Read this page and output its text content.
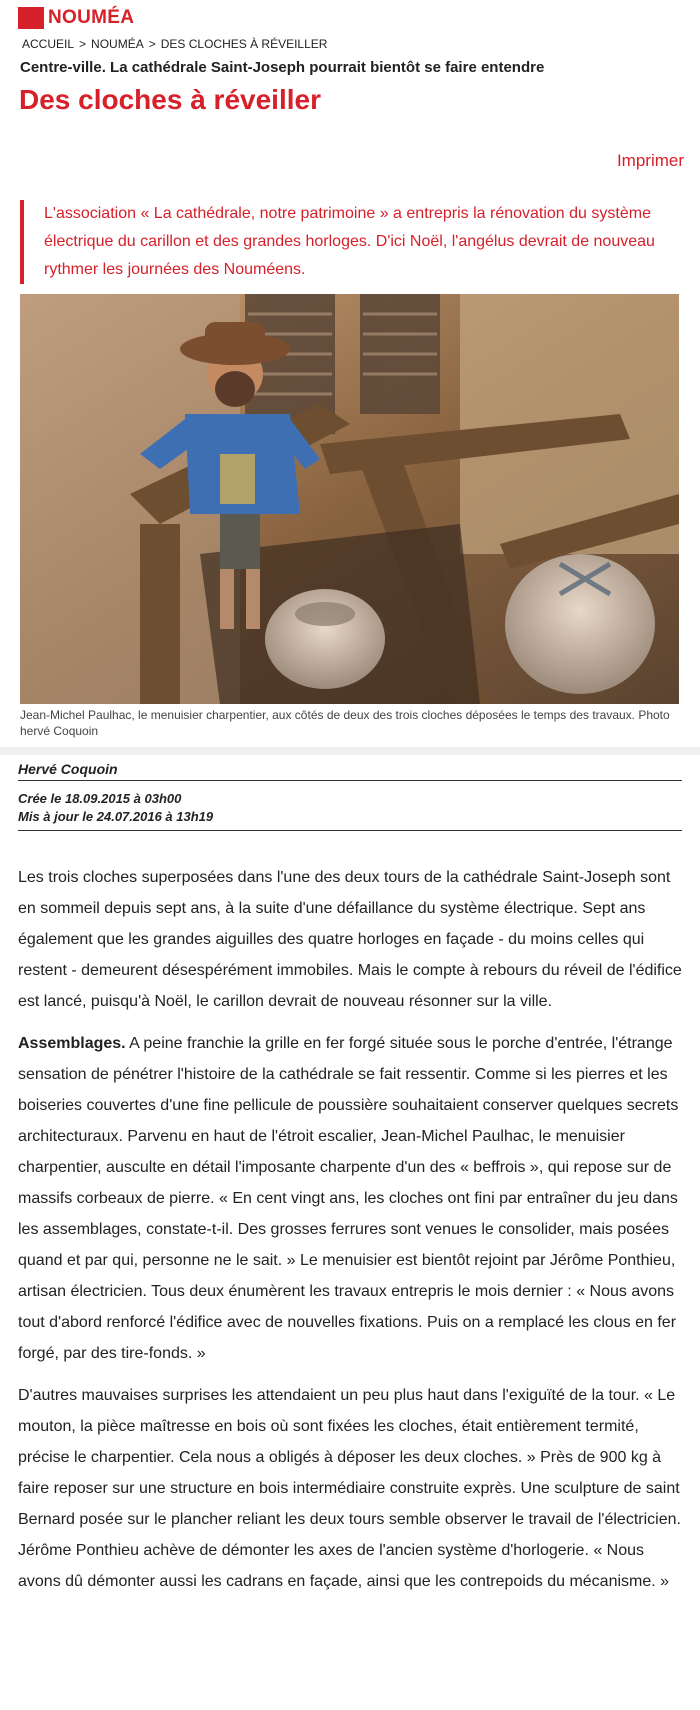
NOUMÉA
ACCUEIL > NOUMÉA > DES CLOCHES À RÉVEILLER
Centre-ville. La cathédrale Saint-Joseph pourrait bientôt se faire entendre
Des cloches à réveiller
Imprimer
L'association « La cathédrale, notre patrimoine » a entrepris la rénovation du système électrique du carillon et des grandes horloges. D'ici Noël, l'angélus devrait de nouveau rythmer les journées des Nouméens.
Jean-Michel Paulhac, le menuisier charpentier, aux côtés de deux des trois cloches déposées le temps des travaux. Photo hervé Coquoin
Hervé Coquoin
Crée le 18.09.2015 à 03h00
Mis à jour le 24.07.2016 à 13h19

Les trois cloches superposées dans l'une des deux tours de la cathédrale Saint-Joseph sont en sommeil depuis sept ans, à la suite d'une défaillance du système électrique. Sept ans également que les grandes aiguilles des quatre horloges en façade - du moins celles qui restent - demeurent désespérément immobiles. Mais le compte à rebours du réveil de l'édifice est lancé, puisqu'à Noël, le carillon devrait de nouveau résonner sur la ville.

Assemblages. A peine franchie la grille en fer forgé située sous le porche d'entrée, l'étrange sensation de pénétrer l'histoire de la cathédrale se fait ressentir. Comme si les pierres et les boiseries couvertes d'une fine pellicule de poussière souhaitaient conserver quelques secrets architecturaux. Parvenu en haut de l'étroit escalier, Jean-Michel Paulhac, le menuisier charpentier, ausculte en détail l'imposante charpente d'un des « beffrois », qui repose sur de massifs corbeaux de pierre. « En cent vingt ans, les cloches ont fini par entraîner du jeu dans les assemblages, constate-t-il. Des grosses ferrures sont venues le consolider, mais posées quand et par qui, personne ne le sait. » Le menuisier est bientôt rejoint par Jérôme Ponthieu, artisan électricien. Tous deux énumèrent les travaux entrepris le mois dernier : « Nous avons tout d'abord renforcé l'édifice avec de nouvelles fixations. Puis on a remplacé les clous en fer forgé, par des tire-fonds. »

D'autres mauvaises surprises les attendaient un peu plus haut dans l'exiguïté de la tour. « Le mouton, la pièce maîtresse en bois où sont fixées les cloches, était entièrement termité, précise le charpentier. Cela nous a obligés à déposer les deux cloches. » Près de 900 kg à faire reposer sur une structure en bois intermédiaire construite exprès. Une sculpture de saint Bernard posée sur le plancher reliant les deux tours semble observer le travail de l'électricien. Jérôme Ponthieu achève de démonter les axes de l'ancien système d'horlogerie. « Nous avons dû démonter aussi les cadrans en façade, ainsi que les contrepoids du mécanisme. »
